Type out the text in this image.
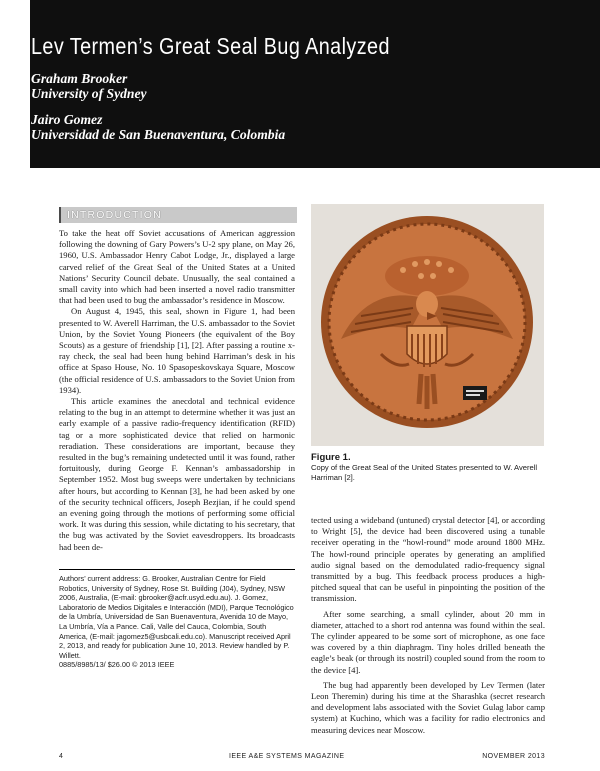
Lev Termen’s Great Seal Bug Analyzed
Graham Brooker
University of Sydney
Jairo Gomez
Universidad de San Buenaventura, Colombia
INTRODUCTION

To take the heat off Soviet accusations of American aggression following the downing of Gary Powers’s U-2 spy plane, on May 26, 1960, U.S. Ambassador Henry Cabot Lodge, Jr., displayed a large carved relief of the Great Seal of the United States at a United Nations’ Security Council debate. Unusually, the seal contained a small cavity into which had been inserted a novel radio transmitter that had been used to bug the ambassador’s residence in Moscow.

On August 4, 1945, this seal, shown in Figure 1, had been presented to W. Averell Harriman, the U.S. ambassador to the Soviet Union, by the Soviet Young Pioneers (the equivalent of the Boy Scouts) as a gesture of friendship [1], [2]. After passing a routine x-ray check, the seal had been hung behind Harriman’s desk in his office at Spaso House, No. 10 Spasopeskovskaya Square, Moscow (the official residence of U.S. ambassadors to the Soviet Union from 1934).

This article examines the anecdotal and technical evidence relating to the bug in an attempt to determine whether it was just an early example of a passive radio-frequency identification (RFID) tag or a more sophisticated device that relied on harmonic reradiation. These considerations are important, because they resulted in the bug’s remaining undetected until it was found, rather fortuitously, during George F. Kennan’s ambassadorship in September 1952. Most bug sweeps were undertaken by technicians after hours, but according to Kennan [3], he had been asked by one of the security technical officers, Joseph Bezjian, if he could spend an evening going through the motions of performing some official work. It was during this session, while dictating to his secretary, that the bug was activated by the Soviet eavesdroppers. Its broadcasts had been de-

Figure 1.
Copy of the Great Seal of the United States presented to W. Averell Harriman [2].

tected using a wideband (untuned) crystal detector [4], or according to Wright [5], the device had been discovered using a tunable receiver operating in the “howl-round” mode around 1800 MHz. The howl-round principle operates by generating an amplified audio signal based on the demodulated radio-frequency signal transmitted by a bug. This feedback process produces a high-pitched squeal that can be useful in pinpointing the position of the transmission.

After some searching, a small cylinder, about 20 mm in diameter, attached to a short rod antenna was found within the seal. The cylinder appeared to be some sort of microphone, as one face was covered by a thin diaphragm. Tiny holes drilled beneath the eagle’s beak (or through its nostril) coupled sound from the room to the device [4].

The bug had apparently been developed by Lev Termen (later Leon Theremin) during his time at the Sharashka (secret research and development labs associated with the Soviet Gulag labor camp system) at Kuchino, which was a facility for radio electronics and measuring devices near Moscow.

Authors’ current address: G. Brooker, Australian Centre for Field Robotics, University of Sydney, Rose St. Building (J04), Sydney, NSW 2006, Australia, (E-mail: gbrooker@acfr.usyd.edu.au). J. Gomez, Laboratorio de Medios Digitales e Interacción (MDI), Parque Tecnológico de la Umbría, Universidad de San Buenaventura, Avenida 10 de Mayo, La Umbría, Vía a Pance. Cali, Valle del Cauca, Colombia, South America, (E-mail: jagomez5@usbcali.edu.co). Manuscript received April 2, 2013, and ready for publication June 10, 2013. Review handled by P. Willett.

0885/8985/13/ $26.00 © 2013 IEEE

4	IEEE A&E SYSTEMS MAGAZINE	NOVEMBER 2013
